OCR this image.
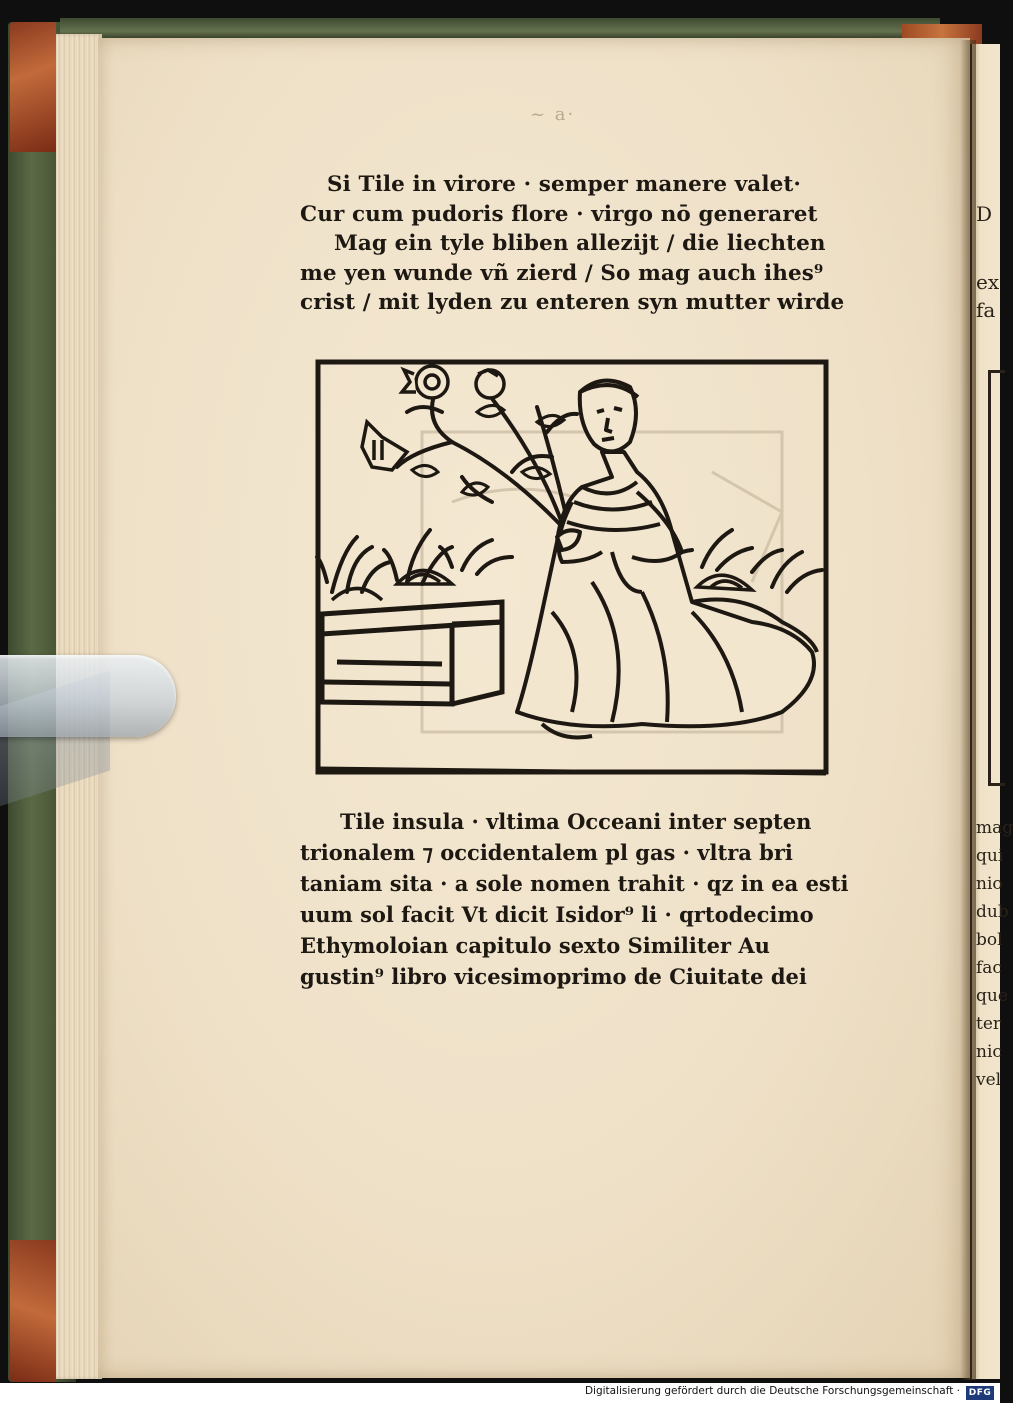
D
ex
fa
mag
qui
nio
dub
bol
fac
que
ter
nic
vel
~ a·
Si Tile in virore · semper manere valet·
Cur cum pudoris flore · virgo nō generaret
Mag ein tyle bliben allezijt / die liechten
me yen wunde vñ zierd / So mag auch ihes⁹
crist / mit lyden zu enteren syn mutter wirde
Tile insula · vltima Occeani inter septen
trionalem ⁊ occidentalem pl gas · vltra bri
taniam sita · a sole nomen trahit · qz in ea esti
uum sol facit Vt dicit Isidor⁹ li · qrtodecimo
Ethymoloian capitulo sexto Similiter Au
gustin⁹ libro vicesimoprimo de Ciuitate dei
Digitalisierung gefördert durch die Deutsche Forschungsgemeinschaft · DFG
